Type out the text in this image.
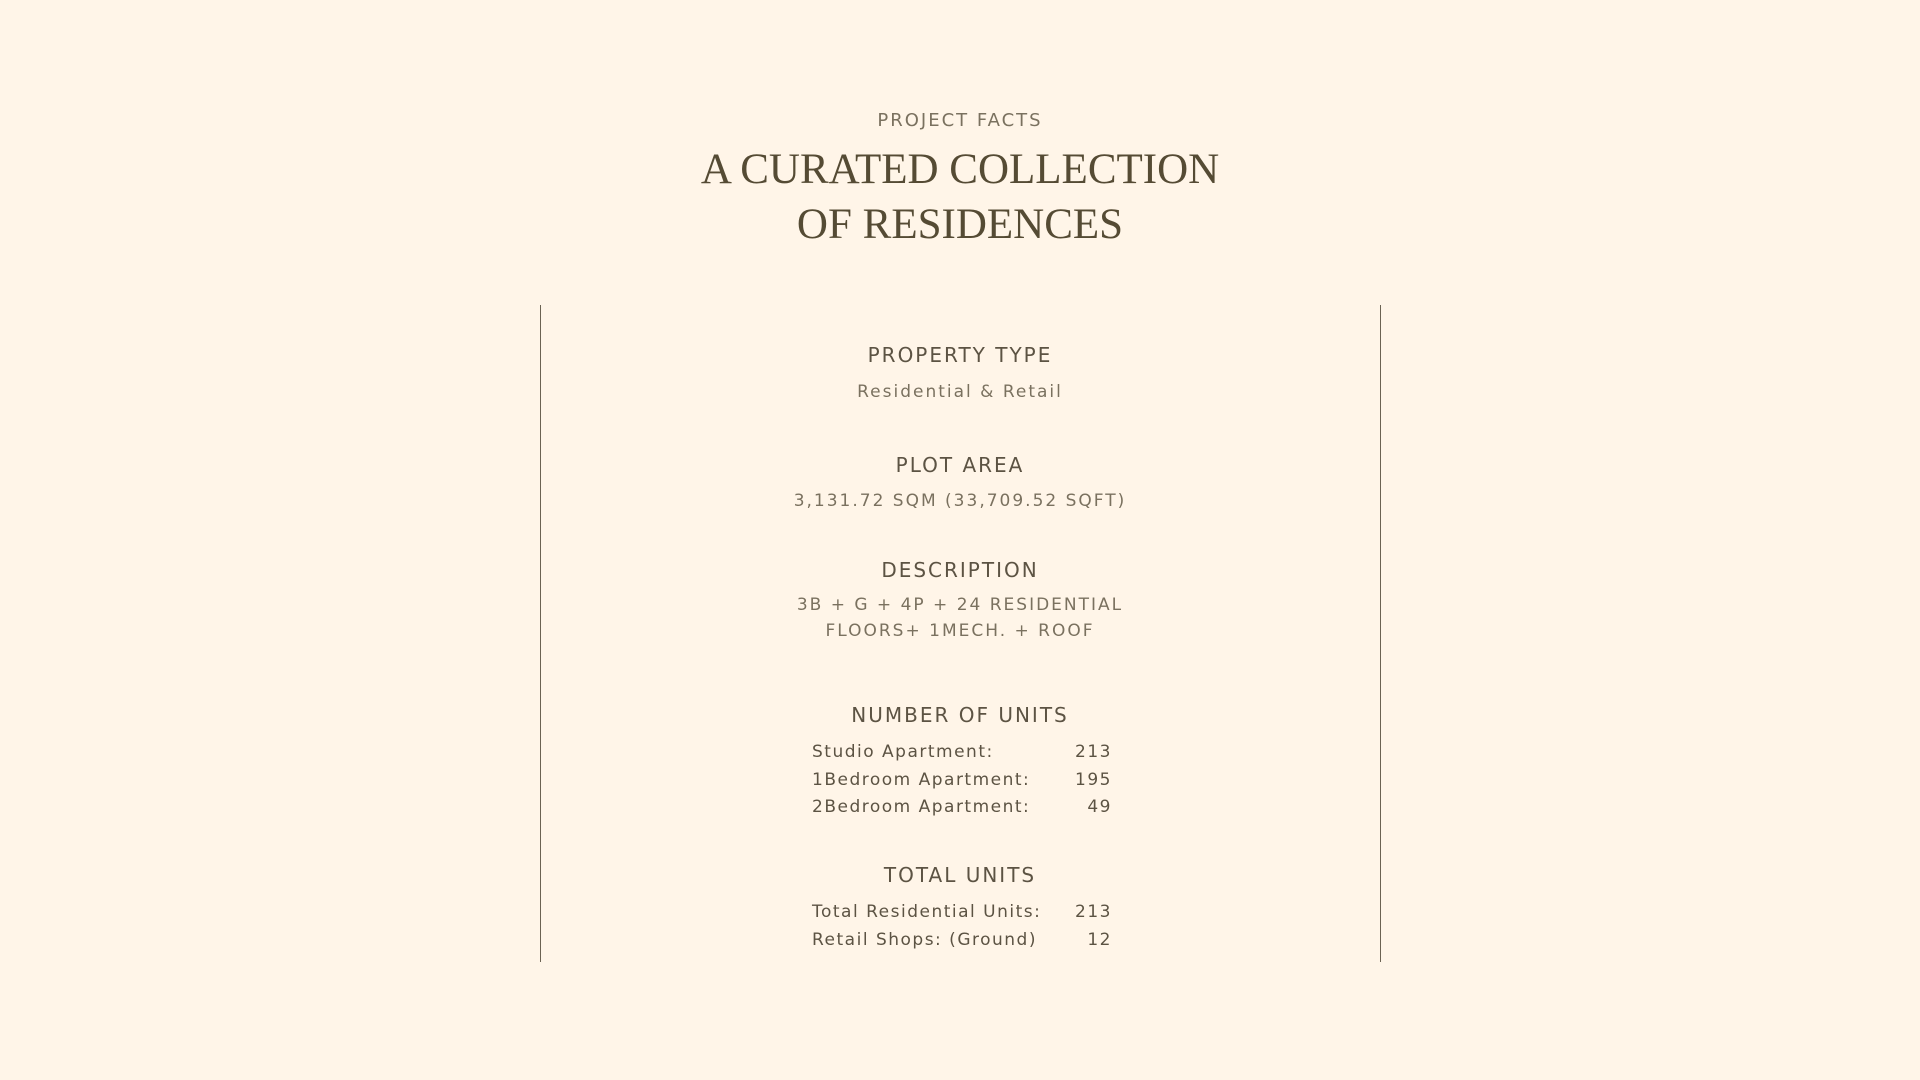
PROJECT FACTS
A CURATED COLLECTION
OF RESIDENCES
PROPERTY TYPE
Residential & Retail
PLOT AREA
3,131.72 SQM (33,709.52 SQFT)
DESCRIPTION
3B + G + 4P + 24 RESIDENTIAL
FLOORS+ 1MECH. + ROOF
NUMBER OF UNITS
Studio Apartment:	213
1Bedroom Apartment:	195
2Bedroom Apartment:	49
TOTAL UNITS
Total Residential Units: 213
Retail Shops: (Ground)	12
